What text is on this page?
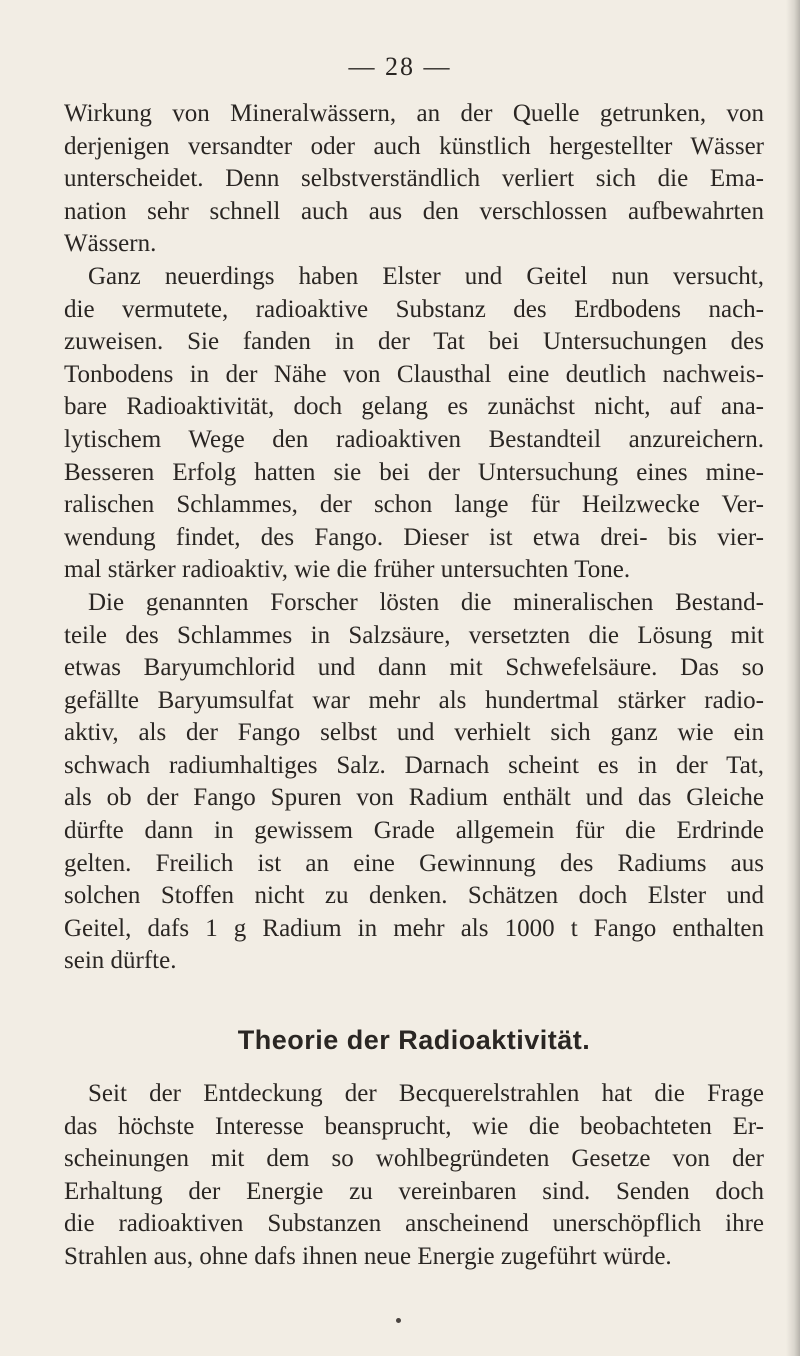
— 28 —
Wirkung von Mineralwässern, an der Quelle getrunken, von
derjenigen versandter oder auch künstlich hergestellter Wässer
unterscheidet. Denn selbstverständlich verliert sich die Ema-
nation sehr schnell auch aus den verschlossen aufbewahrten
Wässern.
Ganz neuerdings haben Elster und Geitel nun versucht,
die vermutete, radioaktive Substanz des Erdbodens nach-
zuweisen. Sie fanden in der Tat bei Untersuchungen des
Tonbodens in der Nähe von Clausthal eine deutlich nachweis-
bare Radioaktivität, doch gelang es zunächst nicht, auf ana-
lytischem Wege den radioaktiven Bestandteil anzureichern.
Besseren Erfolg hatten sie bei der Untersuchung eines mine-
ralischen Schlammes, der schon lange für Heilzwecke Ver-
wendung findet, des Fango. Dieser ist etwa drei- bis vier-
mal stärker radioaktiv, wie die früher untersuchten Tone.
Die genannten Forscher lösten die mineralischen Bestand-
teile des Schlammes in Salzsäure, versetzten die Lösung mit
etwas Baryumchlorid und dann mit Schwefelsäure. Das so
gefällte Baryumsulfat war mehr als hundertmal stärker radio-
aktiv, als der Fango selbst und verhielt sich ganz wie ein
schwach radiumhaltiges Salz. Darnach scheint es in der Tat,
als ob der Fango Spuren von Radium enthält und das Gleiche
dürfte dann in gewissem Grade allgemein für die Erdrinde
gelten. Freilich ist an eine Gewinnung des Radiums aus
solchen Stoffen nicht zu denken. Schätzen doch Elster und
Geitel, dafs 1 g Radium in mehr als 1000 t Fango enthalten
sein dürfte.
Theorie der Radioaktivität.
Seit der Entdeckung der Becquerelstrahlen hat die Frage
das höchste Interesse beansprucht, wie die beobachteten Er-
scheinungen mit dem so wohlbegründeten Gesetze von der
Erhaltung der Energie zu vereinbaren sind. Senden doch
die radioaktiven Substanzen anscheinend unerschöpflich ihre
Strahlen aus, ohne dafs ihnen neue Energie zugeführt würde.
